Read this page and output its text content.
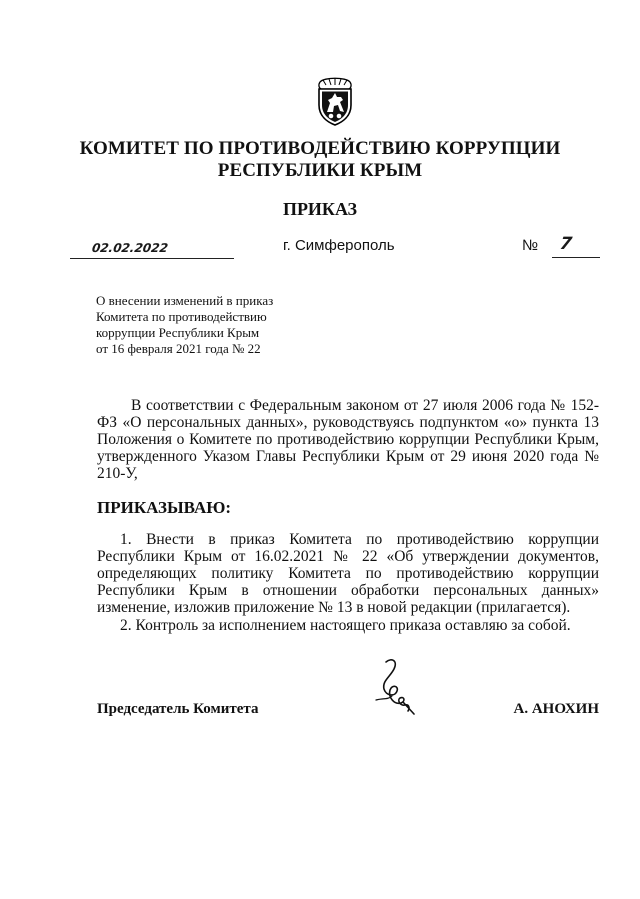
КОМИТЕТ ПО ПРОТИВОДЕЙСТВИЮ КОРРУПЦИИ
РЕСПУБЛИКИ КРЫМ
ПРИКАЗ
02.02.2022	г. Симферополь	№ 7
О внесении изменений в приказ
Комитета по противодействию
коррупции Республики Крым
от 16 февраля 2021 года № 22
В соответствии с Федеральным законом от 27 июля 2006 года № 152-ФЗ «О персональных данных», руководствуясь подпунктом «о» пункта 13 Положения о Комитете по противодействию коррупции Республики Крым, утвержденного Указом Главы Республики Крым от 29 июня 2020 года № 210-У,
ПРИКАЗЫВАЮ:
1. Внести в приказ Комитета по противодействию коррупции Республики Крым от 16.02.2021 № 22 «Об утверждении документов, определяющих политику Комитета по противодействию коррупции Республики Крым в отношении обработки персональных данных» изменение, изложив приложение № 13 в новой редакции (прилагается).
2. Контроль за исполнением настоящего приказа оставляю за собой.
Председатель Комитета	А. АНОХИН
